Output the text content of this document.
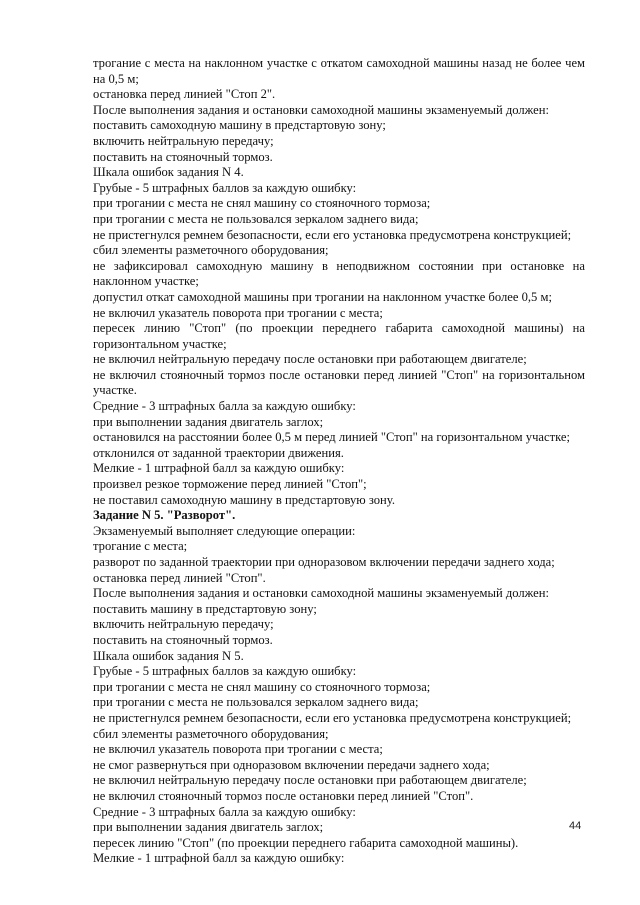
трогание с места на наклонном участке с откатом самоходной машины назад не более чем на 0,5 м;
остановка перед линией "Стоп 2".
После выполнения задания и остановки самоходной машины экзаменуемый должен:
поставить самоходную машину в предстартовую зону;
включить нейтральную передачу;
поставить на стояночный тормоз.
Шкала ошибок задания N 4.
Грубые - 5 штрафных баллов за каждую ошибку:
при трогании с места не снял машину со стояночного тормоза;
при трогании с места не пользовался зеркалом заднего вида;
не пристегнулся ремнем безопасности, если его установка предусмотрена конструкцией;
сбил элементы разметочного оборудования;
не зафиксировал самоходную машину в неподвижном состоянии при остановке на наклонном участке;
допустил откат самоходной машины при трогании на наклонном участке более 0,5 м;
не включил указатель поворота при трогании с места;
пересек линию "Стоп" (по проекции переднего габарита самоходной машины) на горизонтальном участке;
не включил нейтральную передачу после остановки при работающем двигателе;
не включил стояночный тормоз после остановки перед линией "Стоп" на горизонтальном участке.
Средние - 3 штрафных балла за каждую ошибку:
при выполнении задания двигатель заглох;
остановился на расстоянии более 0,5 м перед линией "Стоп" на горизонтальном участке;
отклонился от заданной траектории движения.
Мелкие - 1 штрафной балл за каждую ошибку:
произвел резкое торможение перед линией "Стоп";
не поставил самоходную машину в предстартовую зону.
Задание N 5. "Разворот".
Экзаменуемый выполняет следующие операции:
трогание с места;
разворот по заданной траектории при одноразовом включении передачи заднего хода;
остановка перед линией "Стоп".
После выполнения задания и остановки самоходной машины экзаменуемый должен:
поставить машину в предстартовую зону;
включить нейтральную передачу;
поставить на стояночный тормоз.
Шкала ошибок задания N 5.
Грубые - 5 штрафных баллов за каждую ошибку:
при трогании с места не снял машину со стояночного тормоза;
при трогании с места не пользовался зеркалом заднего вида;
не пристегнулся ремнем безопасности, если его установка предусмотрена конструкцией;
сбил элементы разметочного оборудования;
не включил указатель поворота при трогании с места;
не смог развернуться при одноразовом включении передачи заднего хода;
не включил нейтральную передачу после остановки при работающем двигателе;
не включил стояночный тормоз после остановки перед линией "Стоп".
Средние - 3 штрафных балла за каждую ошибку:
при выполнении задания двигатель заглох;
пересек линию "Стоп" (по проекции переднего габарита самоходной машины).
Мелкие - 1 штрафной балл за каждую ошибку:
44
